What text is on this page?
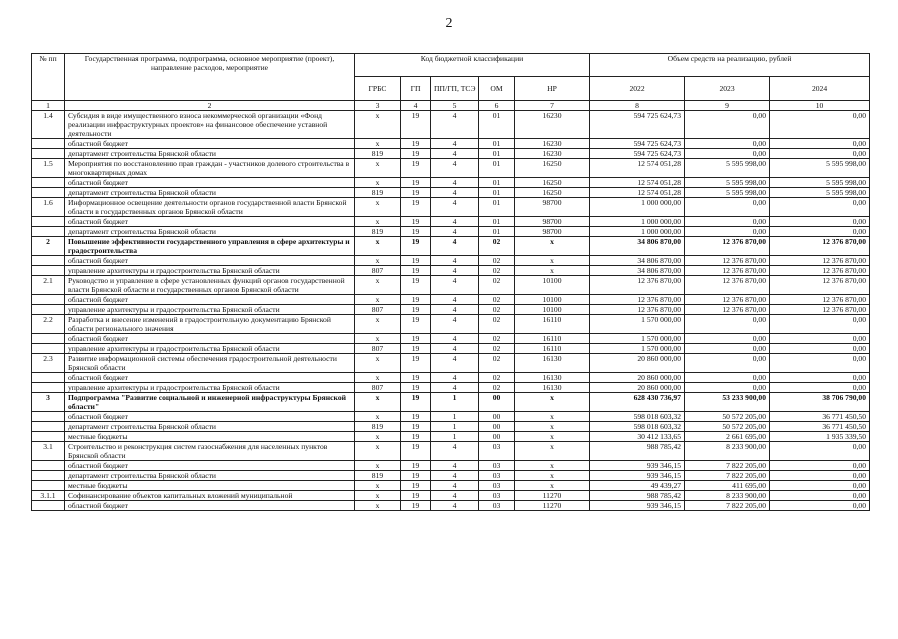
2
№ пп	Государственная программа, подпрограмма, основное мероприятие (проект), направление расходов, мероприятие	Код бюджетной классификации					Объем средств на реализацию, рублей		
		ГРБС	ГП	ПП/ГП, ТСЭ	ОМ	НР	2022	2023	2024
1	2	3	4	5	6	7	8	9	10
1.4	Субсидия в виде имущественного взноса некоммерческой организации «Фонд реализации инфраструктурных проектов» на финансовое обеспечение уставной деятельности	х	19	4	01	16230	594 725 624,73	0,00	0,00
	областной бюджет	х	19	4	01	16230	594 725 624,73	0,00	0,00
	департамент строительства Брянской области	819	19	4	01	16230	594 725 624,73	0,00	0,00
1.5	Мероприятия по восстановлению прав граждан - участников долевого строительства в многоквартирных домах	х	19	4	01	16250	12 574 051,28	5 595 998,00	5 595 998,00
	областной бюджет	х	19	4	01	16250	12 574 051,28	5 595 998,00	5 595 998,00
	департамент строительства Брянской области	819	19	4	01	16250	12 574 051,28	5 595 998,00	5 595 998,00
1.6	Информационное освещение деятельности органов государственной власти Брянской области в государственных органов Брянской области	х	19	4	01	98700	1 000 000,00	0,00	0,00
	областной бюджет	х	19	4	01	98700	1 000 000,00	0,00	0,00
	департамент строительства Брянской области	819	19	4	01	98700	1 000 000,00	0,00	0,00
2	Повышение эффективности государственного управления в сфере архитектуры и градостроительства	х	19	4	02	х	34 806 870,00	12 376 870,00	12 376 870,00
	областной бюджет	х	19	4	02	х	34 806 870,00	12 376 870,00	12 376 870,00
	управление архитектуры и градостроительства Брянской области	807	19	4	02	х	34 806 870,00	12 376 870,00	12 376 870,00
2.1	Руководство и управление в сфере установленных функций органов государственной власти Брянской области и государственных органов Брянской области	х	19	4	02	10100	12 376 870,00	12 376 870,00	12 376 870,00
	областной бюджет	х	19	4	02	10100	12 376 870,00	12 376 870,00	12 376 870,00
	управление архитектуры и градостроительства Брянской области	807	19	4	02	10100	12 376 870,00	12 376 870,00	12 376 870,00
2.2	Разработка и внесение изменений в градостроительную документацию Брянской области регионального значения	х	19	4	02	16110	1 570 000,00	0,00	0,00
	областной бюджет	х	19	4	02	16110	1 570 000,00	0,00	0,00
	управление архитектуры и градостроительства Брянской области	807	19	4	02	16110	1 570 000,00	0,00	0,00
2.3	Развитие информационной системы обеспечения градостроительной деятельности Брянской области	х	19	4	02	16130	20 860 000,00	0,00	0,00
	областной бюджет	х	19	4	02	16130	20 860 000,00	0,00	0,00
	управление архитектуры и градостроительства Брянской области	807	19	4	02	16130	20 860 000,00	0,00	0,00
3	Подпрограмма "Развитие социальной и инженерной инфраструктуры Брянской области"	х	19	1	00	х	628 430 736,97	53 233 900,00	38 706 790,00
	областной бюджет	х	19	1	00	х	598 018 603,32	50 572 205,00	36 771 450,50
	департамент строительства Брянской области	819	19	1	00	х	598 018 603,32	50 572 205,00	36 771 450,50
	местные бюджеты	х	19	1	00	х	30 412 133,65	2 661 695,00	1 935 339,50
3.1	Строительство и реконструкция систем газоснабжения для населенных пунктов Брянской области	х	19	4	03	х	988 785,42	8 233 900,00	0,00
	областной бюджет	х	19	4	03	х	939 346,15	7 822 205,00	0,00
	департамент строительства Брянской области	819	19	4	03	х	939 346,15	7 822 205,00	0,00
	местные бюджеты	х	19	4	03	х	49 439,27	411 695,00	0,00
3.1.1	Софинансирование объектов капитальных вложений муниципальной	х	19	4	03	11270	988 785,42	8 233 900,00	0,00
	областной бюджет	х	19	4	03	11270	939 346,15	7 822 205,00	0,00
